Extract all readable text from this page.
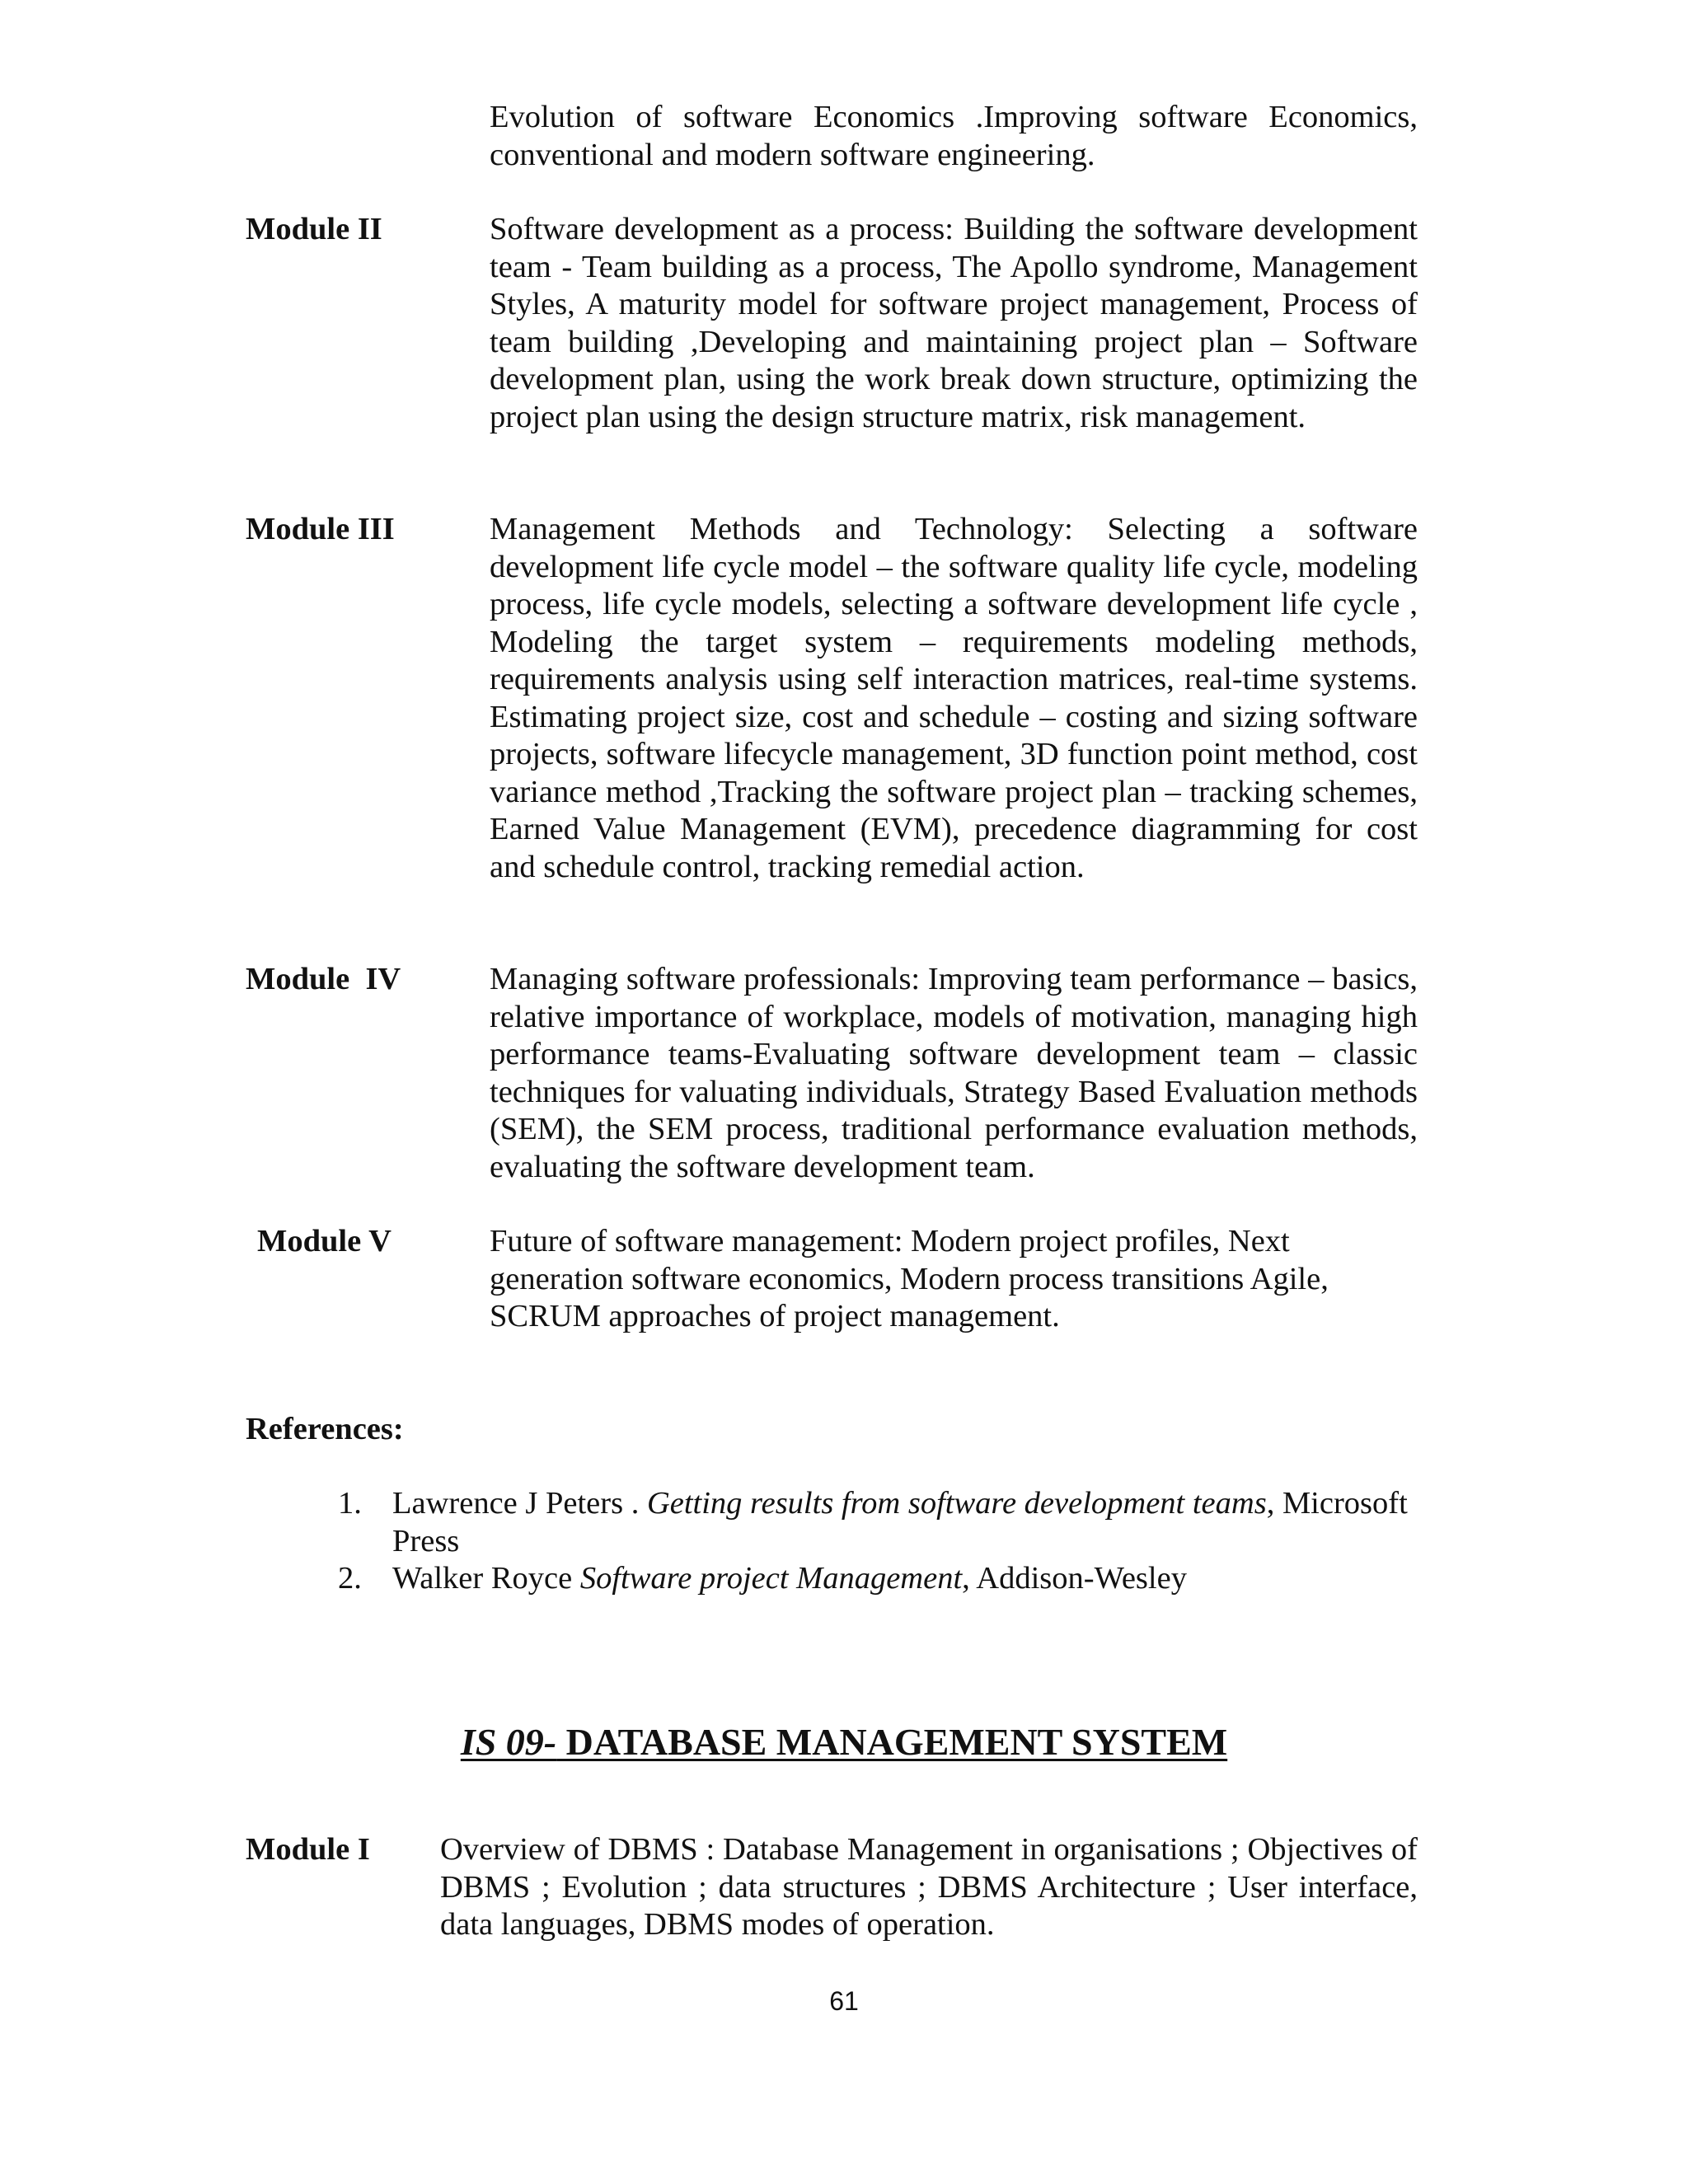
Evolution of software Economics .Improving software Economics, conventional and modern software engineering.
Module II	Software development as a process: Building the software development team - Team building as a process, The Apollo syndrome, Management Styles, A maturity model for software project management, Process of team building ,Developing and maintaining project plan – Software development plan, using the work break down structure, optimizing the project plan using the design structure matrix, risk management.
Module III	Management Methods and Technology: Selecting a software development life cycle model – the software quality life cycle, modeling process, life cycle models, selecting a software development life cycle , Modeling the target system – requirements modeling methods, requirements analysis using self interaction matrices, real-time systems. Estimating project size, cost and schedule – costing and sizing software projects, software lifecycle management, 3D function point method, cost variance method ,Tracking the software project plan – tracking schemes, Earned Value Management (EVM), precedence diagramming for cost and schedule control, tracking remedial action.
Module  IV	Managing software professionals: Improving team performance – basics, relative importance of workplace, models of motivation, managing high performance teams-Evaluating software development team – classic techniques for valuating individuals, Strategy Based Evaluation methods (SEM), the SEM process, traditional performance evaluation methods, evaluating the software development team.
Module V	Future of software management: Modern project profiles, Next generation software economics, Modern process transitions Agile, SCRUM approaches of project management.
References:
1. Lawrence J Peters . Getting results from software development teams, Microsoft Press
2. Walker Royce Software project Management, Addison-Wesley
IS 09- DATABASE MANAGEMENT SYSTEM
Module I Overview of DBMS : Database Management in organisations ; Objectives of DBMS ; Evolution ; data structures ; DBMS Architecture ; User interface, data languages, DBMS modes of operation.
61
